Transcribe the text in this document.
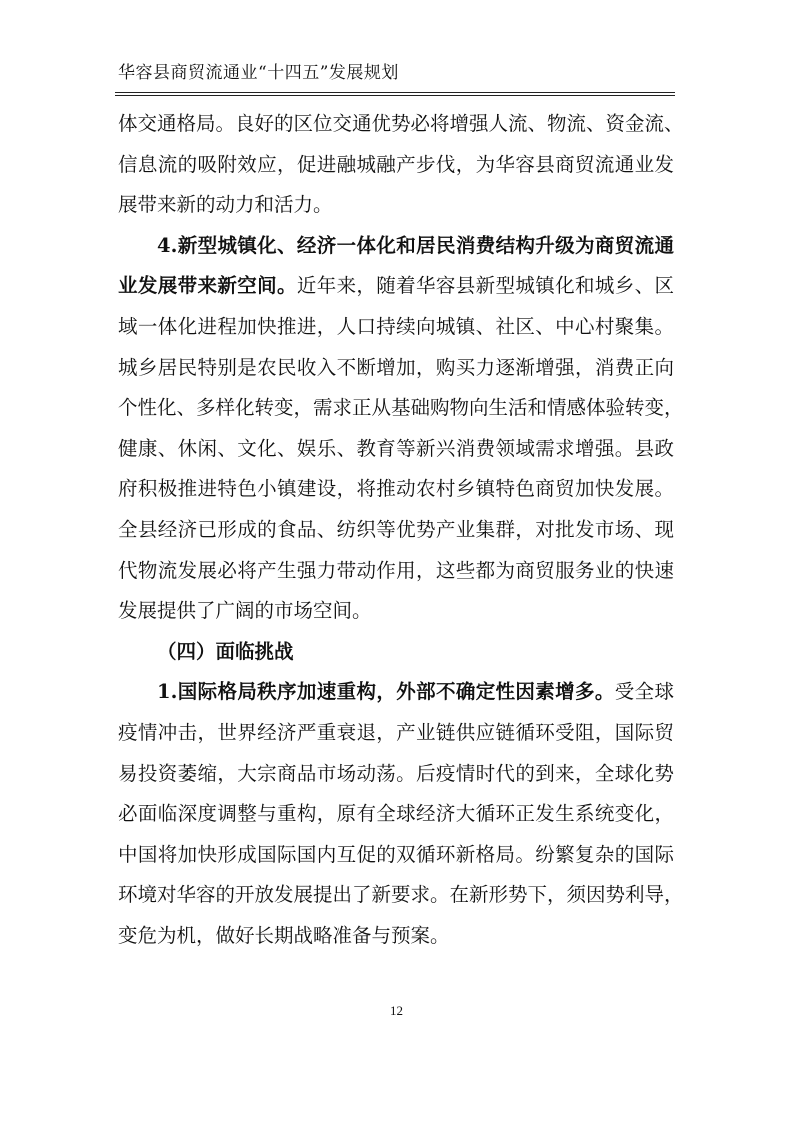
华容县商贸流通业“十四五”发展规划
体交通格局。良好的区位交通优势必将增强人流、物流、资金流、
信息流的吸附效应，促进融城融产步伐，为华容县商贸流通业发
展带来新的动力和活力。
4.新型城镇化、经济一体化和居民消费结构升级为商贸流通
业发展带来新空间。近年来，随着华容县新型城镇化和城乡、区
域一体化进程加快推进，人口持续向城镇、社区、中心村聚集。
城乡居民特别是农民收入不断增加，购买力逐渐增强，消费正向
个性化、多样化转变，需求正从基础购物向生活和情感体验转变，
健康、休闲、文化、娱乐、教育等新兴消费领域需求增强。县政
府积极推进特色小镇建设，将推动农村乡镇特色商贸加快发展。
全县经济已形成的食品、纺织等优势产业集群，对批发市场、现
代物流发展必将产生强力带动作用，这些都为商贸服务业的快速
发展提供了广阔的市场空间。
（四）面临挑战
1.国际格局秩序加速重构，外部不确定性因素增多。受全球
疫情冲击，世界经济严重衰退，产业链供应链循环受阻，国际贸
易投资萎缩，大宗商品市场动荡。后疫情时代的到来，全球化势
必面临深度调整与重构，原有全球经济大循环正发生系统变化，
中国将加快形成国际国内互促的双循环新格局。纷繁复杂的国际
环境对华容的开放发展提出了新要求。在新形势下，须因势利导，
变危为机，做好长期战略准备与预案。
12
